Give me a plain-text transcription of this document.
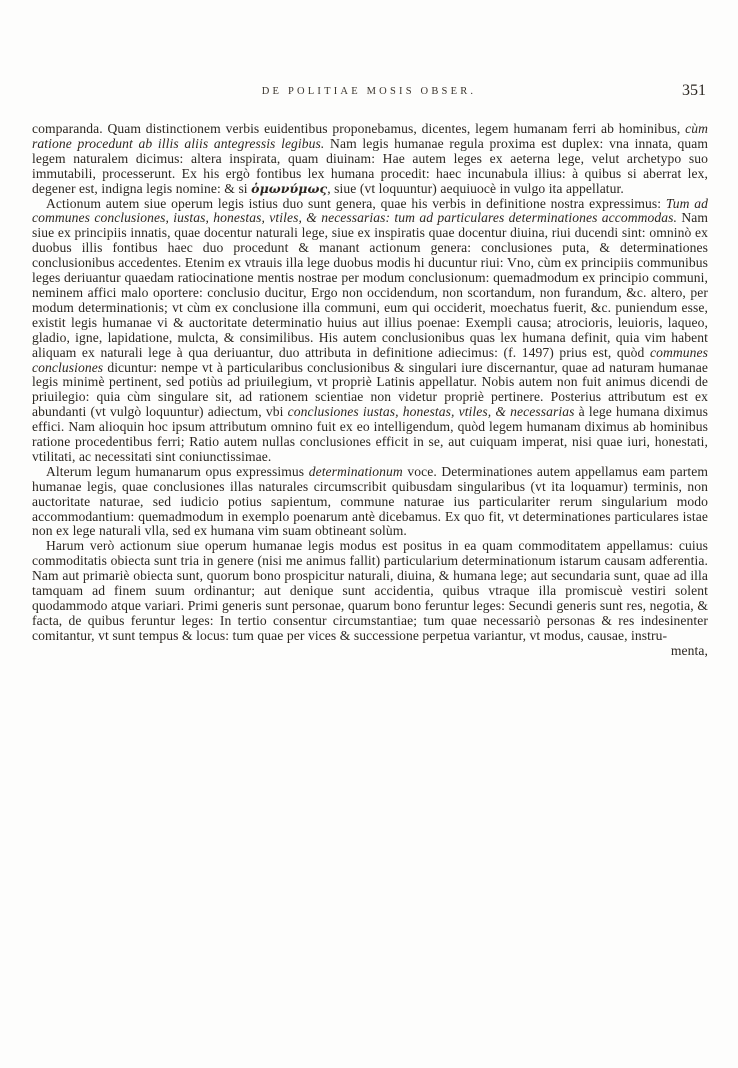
DE POLITIAE MOSIS OBSER.	351

comparanda. Quam distinctionem verbis euidentibus proponebamus, dicentes, legem humanam ferri ab hominibus, cùm ratione procedunt ab illis aliis antegressis legibus. Nam legis humanae regula proxima est duplex: vna innata, quam legem naturalem dicimus: altera inspirata, quam diuinam: Hae autem leges ex aeterna lege, velut archetypo suo immutabili, processerunt. Ex his ergò fontibus lex humana procedit: haec incunabula illius: à quibus si aberrat lex, degener est, indigna legis nomine: & si ὁμωνύμως, siue (vt loquuntur) aequiuocè in vulgo ita appellatur.

Actionum autem siue operum legis istius duo sunt genera, quae his verbis in definitione nostra expressimus: Tum ad communes conclusiones, iustas, honestas, vtiles, & necessarias: tum ad particulares determinationes accommodas. Nam siue ex principiis innatis, quae docentur naturali lege, siue ex inspiratis quae docentur diuina, riui ducendi sint: omninò ex duobus illis fontibus haec duo procedunt & manant actionum genera: conclusiones puta, & determinationes conclusionibus accedentes. Etenim ex vtrauis illa lege duobus modis hi ducuntur riui: Vno, cùm ex principiis communibus leges deriuantur quaedam ratiocinatione mentis nostrae per modum conclusionum: quemadmodum ex principio communi, neminem affici malo oportere: conclusio ducitur, Ergo non occidendum, non scortandum, non furandum, &c. altero, per modum determinationis; vt cùm ex conclusione illa communi, eum qui occiderit, moechatus fuerit, &c. puniendum esse, existit legis humanae vi & auctoritate determinatio huius aut illius poenae: Exempli causa; atrocioris, leuioris, laqueo, gladio, igne, lapidatione, mulcta, & consimilibus. His autem conclusionibus quas lex humana definit, quia vim habent aliquam ex naturali lege à qua deriuantur, duo attributa in definitione adiecimus: (f. 1497) prius est, quòd communes conclusiones dicuntur: nempe vt à particularibus conclusionibus & singulari iure discernantur, quae ad naturam humanae legis minimè pertinent, sed potiùs ad priuilegium, vt propriè Latinis appellatur. Nobis autem non fuit animus dicendi de priuilegio: quia cùm singulare sit, ad rationem scientiae non videtur propriè pertinere. Posterius attributum est ex abundanti (vt vulgò loquuntur) adiectum, vbi conclusiones iustas, honestas, vtiles, & necessarias à lege humana diximus effici. Nam alioquin hoc ipsum attributum omnino fuit ex eo intelligendum, quòd legem humanam diximus ab hominibus ratione procedentibus ferri; Ratio autem nullas conclusiones efficit in se, aut cuiquam imperat, nisi quae iuri, honestati, vtilitati, ac necessitati sint coniunctissimae.

Alterum legum humanarum opus expressimus determinationum voce. Determinationes autem appellamus eam partem humanae legis, quae conclusiones illas naturales circumscribit quibusdam singularibus (vt ita loquamur) terminis, non auctoritate naturae, sed iudicio potius sapientum, commune naturae ius particulariter rerum singularium modo accommodantium: quemadmodum in exemplo poenarum antè dicebamus. Ex quo fit, vt determinationes particulares istae non ex lege naturali vlla, sed ex humana vim suam obtineant solùm.

Harum verò actionum siue operum humanae legis modus est positus in ea quam commoditatem appellamus: cuius commoditatis obiecta sunt tria in genere (nisi me animus fallit) particularium determinationum istarum causam adferentia. Nam aut primariè obiecta sunt, quorum bono prospicitur naturali, diuina, & humana lege; aut secundaria sunt, quae ad illa tamquam ad finem suum ordinantur; aut denique sunt accidentia, quibus vtraque illa promiscuè vestiri solent quodammodo atque variari. Primi generis sunt personae, quarum bono feruntur leges: Secundi generis sunt res, negotia, & facta, de quibus feruntur leges: In tertio consentur circumstantiae; tum quae necessariò personas & res indesinenter comitantur, vt sunt tempus & locus: tum quae per vices & successione perpetua variantur, vt modus, causae, instru-

menta,
